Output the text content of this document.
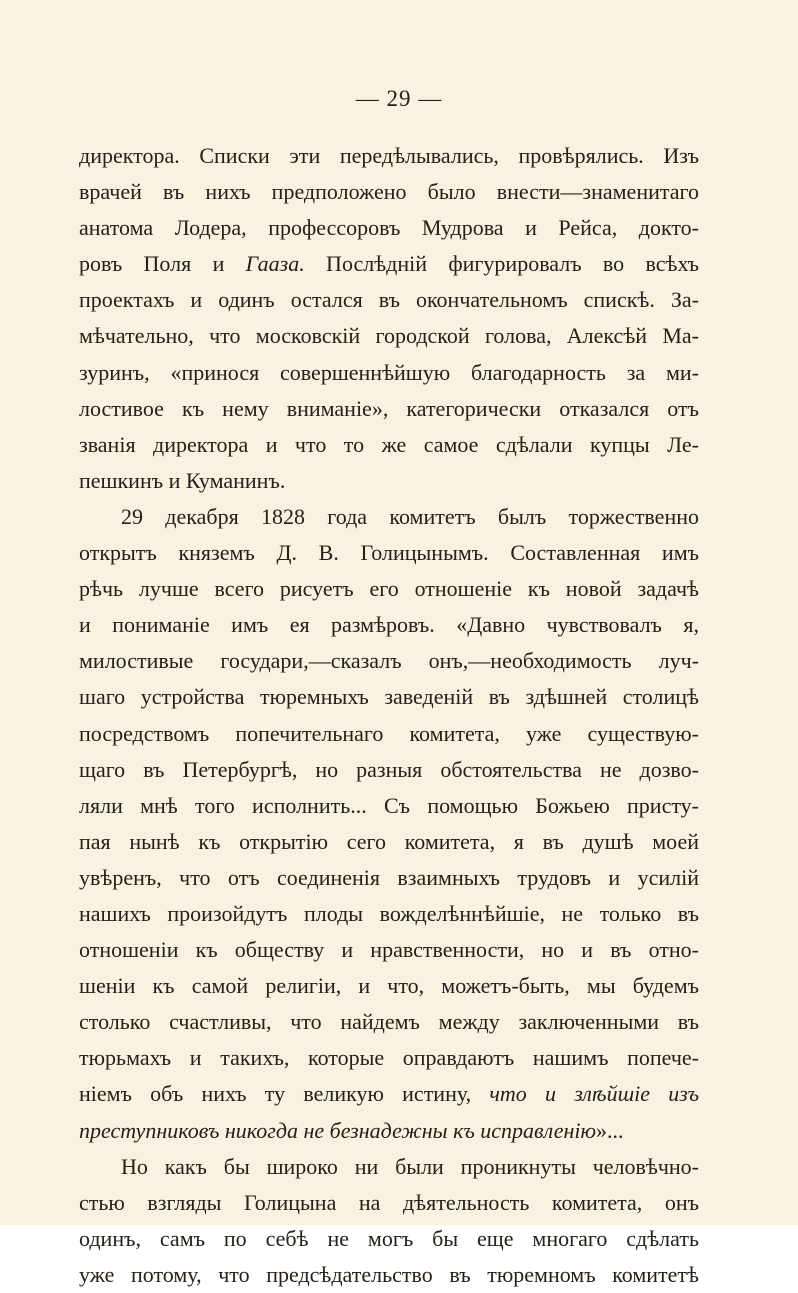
— 29 —
директора. Списки эти передѣлывались, провѣрялись. Изъ
врачей въ нихъ предположено было внести—знаменитаго
анатома Лодера, профессоровъ Мудрова и Рейса, докто-
ровъ Поля и Гааза. Послѣднiй фигурировалъ во всѣхъ
проектахъ и одинъ остался въ окончательномъ спискѣ. За-
мѣчательно, что московскiй городской голова, Алексѣй Ма-
зуринъ, «принося совершеннѣйшую благодарность за ми-
лостивое къ нему вниманiе», категорически отказался отъ
званiя директора и что то же самое сдѣлали купцы Ле-
пешкинъ и Куманинъ.
29 декабря 1828 года комитетъ былъ торжественно
открытъ княземъ Д. В. Голицынымъ. Составленная имъ
рѣчь лучше всего рисуетъ его отношенiе къ новой задачѣ
и пониманiе имъ ея размѣровъ. «Давно чувствовалъ я,
милостивые государи,—сказалъ онъ,—необходимость луч-
шаго устройства тюремныхъ заведенiй въ здѣшней столицѣ
посредствомъ попечительнаго комитета, уже существую-
щаго въ Петербургѣ, но разныя обстоятельства не дозво-
ляли мнѣ того исполнить... Съ помощью Божьею присту-
пая нынѣ къ открытiю сего комитета, я въ душѣ моей
увѣренъ, что отъ соединенiя взаимныхъ трудовъ и усилiй
нашихъ произойдутъ плоды вожделѣннѣйшiе, не только въ
отношенiи къ обществу и нравственности, но и въ отно-
шенiи къ самой религiи, и что, можетъ-быть, мы будемъ
столько счастливы, что найдемъ между заключенными въ
тюрьмахъ и такихъ, которые оправдаютъ нашимъ попече-
нiемъ объ нихъ ту великую истину, что и злѣйшiе изъ
преступниковъ никогда не безнадежны къ исправленiю»...
Но какъ бы широко ни были проникнуты человѣчно-
стью взгляды Голицына на дѣятельность комитета, онъ
одинъ, самъ по себѣ не могъ бы еще многаго сдѣлать
уже потому, что предсѣдательство въ тюремномъ комитетѣ
